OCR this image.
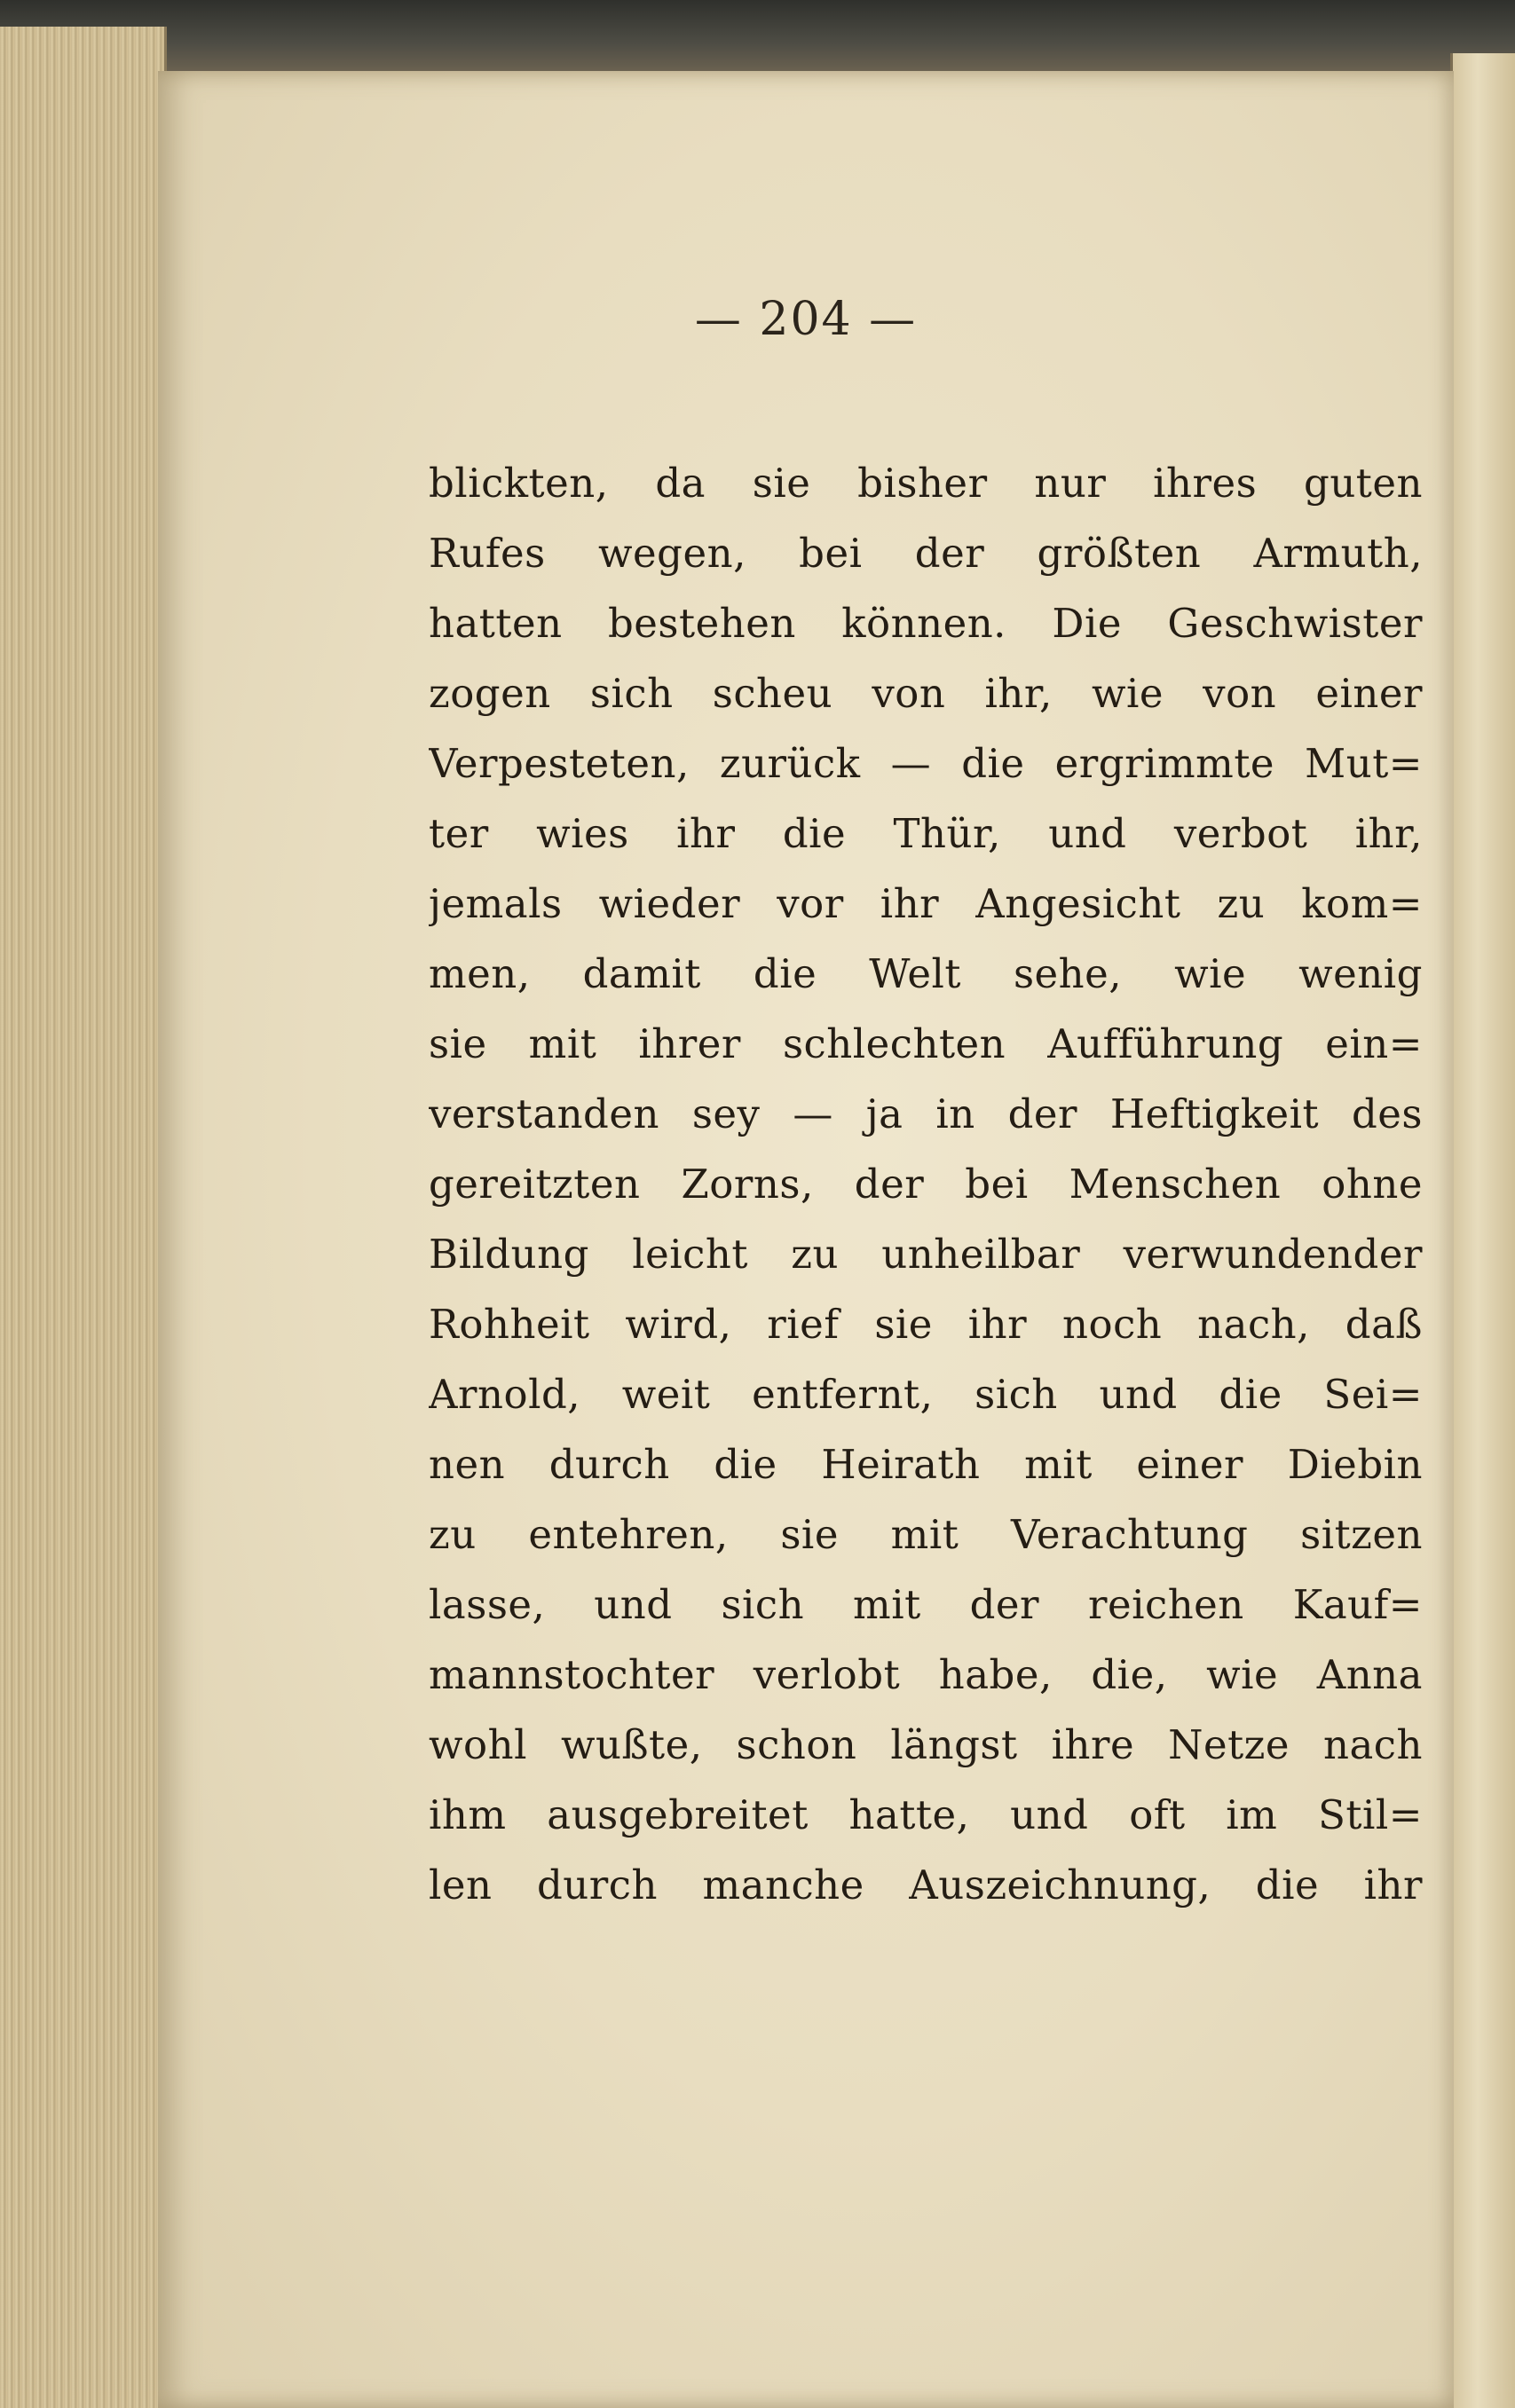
— 204 —
blickten, da sie bisher nur ihres guten
Rufes wegen, bei der größten Armuth,
hatten bestehen können. Die Geschwister
zogen sich scheu von ihr, wie von einer
Verpesteten, zurück — die ergrimmte Mut=
ter wies ihr die Thür, und verbot ihr,
jemals wieder vor ihr Angesicht zu kom=
men, damit die Welt sehe, wie wenig
sie mit ihrer schlechten Aufführung ein=
verstanden sey — ja in der Heftigkeit des
gereitzten Zorns, der bei Menschen ohne
Bildung leicht zu unheilbar verwundender
Rohheit wird, rief sie ihr noch nach, daß
Arnold, weit entfernt, sich und die Sei=
nen durch die Heirath mit einer Diebin
zu entehren, sie mit Verachtung sitzen
lasse, und sich mit der reichen Kauf=
mannstochter verlobt habe, die, wie Anna
wohl wußte, schon längst ihre Netze nach
ihm ausgebreitet hatte, und oft im Stil=
len durch manche Auszeichnung, die ihr
